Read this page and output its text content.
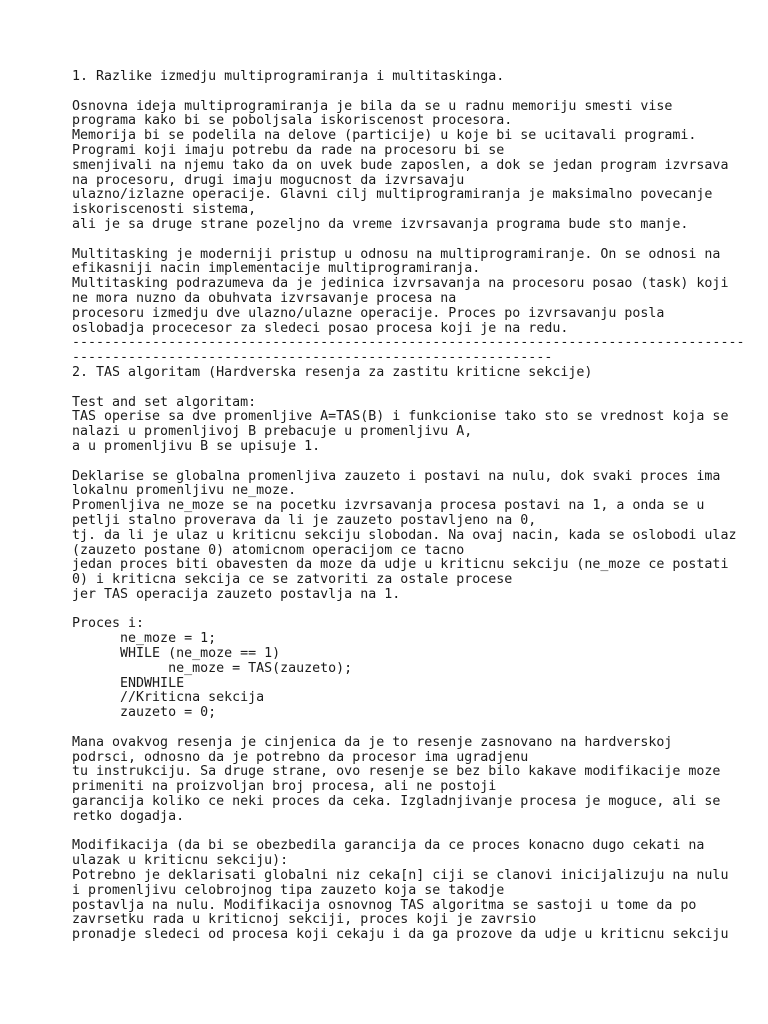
1. Razlike izmedju multiprogramiranja i multitaskinga.
Osnovna ideja multiprogramiranja je bila da se u radnu memoriju smesti vise
programa kako bi se poboljsala iskoriscenost procesora.
Memorija bi se podelila na delove (particije) u koje bi se ucitavali programi.
Programi koji imaju potrebu da rade na procesoru bi se
smenjivali na njemu tako da on uvek bude zaposlen, a dok se jedan program izvrsava
na procesoru, drugi imaju mogucnost da izvrsavaju
ulazno/izlazne operacije. Glavni cilj multiprogramiranja je maksimalno povecanje
iskoriscenosti sistema,
ali je sa druge strane pozeljno da vreme izvrsavanja programa bude sto manje.
Multitasking je moderniji pristup u odnosu na multiprogramiranje. On se odnosi na
efikasniji nacin implementacije multiprogramiranja.
Multitasking podrazumeva da je jedinica izvrsavanja na procesoru posao (task) koji
ne mora nuzno da obuhvata izvrsavanje procesa na
procesoru izmedju dve ulazno/ulazne operacije. Proces po izvrsavanju posla
oslobadja procecesor za sledeci posao procesa koji je na redu.
------------------------------------------------------------------------------------
------------------------------------------------------------
2. TAS algoritam (Hardverska resenja za zastitu kriticne sekcije)
Test and set algoritam:
TAS operise sa dve promenljive A=TAS(B) i funkcionise tako sto se vrednost koja se
nalazi u promenljivoj B prebacuje u promenljivu A,
a u promenljivu B se upisuje 1.
Deklarise se globalna promenljiva zauzeto i postavi na nulu, dok svaki proces ima
lokalnu promenljivu ne_moze.
Promenljiva ne_moze se na pocetku izvrsavanja procesa postavi na 1, a onda se u
petlji stalno proverava da li je zauzeto postavljeno na 0,
tj. da li je ulaz u kriticnu sekciju slobodan. Na ovaj nacin, kada se oslobodi ulaz
(zauzeto postane 0) atomicnom operacijom ce tacno
jedan proces biti obavesten da moze da udje u kriticnu sekciju (ne_moze ce postati
0) i kriticna sekcija ce se zatvoriti za ostale procese
jer TAS operacija zauzeto postavlja na 1.
Proces i:
ne_moze = 1;
WHILE (ne_moze == 1)
ne_moze = TAS(zauzeto);
ENDWHILE
//Kriticna sekcija
zauzeto = 0;
Mana ovakvog resenja je cinjenica da je to resenje zasnovano na hardverskoj
podrsci, odnosno da je potrebno da procesor ima ugradjenu
tu instrukciju. Sa druge strane, ovo resenje se bez bilo kakave modifikacije moze
primeniti na proizvoljan broj procesa, ali ne postoji
garancija koliko ce neki proces da ceka. Izgladnjivanje procesa je moguce, ali se
retko dogadja.
Modifikacija (da bi se obezbedila garancija da ce proces konacno dugo cekati na
ulazak u kriticnu sekciju):
Potrebno je deklarisati globalni niz ceka[n] ciji se clanovi inicijalizuju na nulu
i promenljivu celobrojnog tipa zauzeto koja se takodje
postavlja na nulu. Modifikacija osnovnog TAS algoritma se sastoji u tome da po
zavrsetku rada u kriticnoj sekciji, proces koji je zavrsio
pronadje sledeci od procesa koji cekaju i da ga prozove da udje u kriticnu sekciju
